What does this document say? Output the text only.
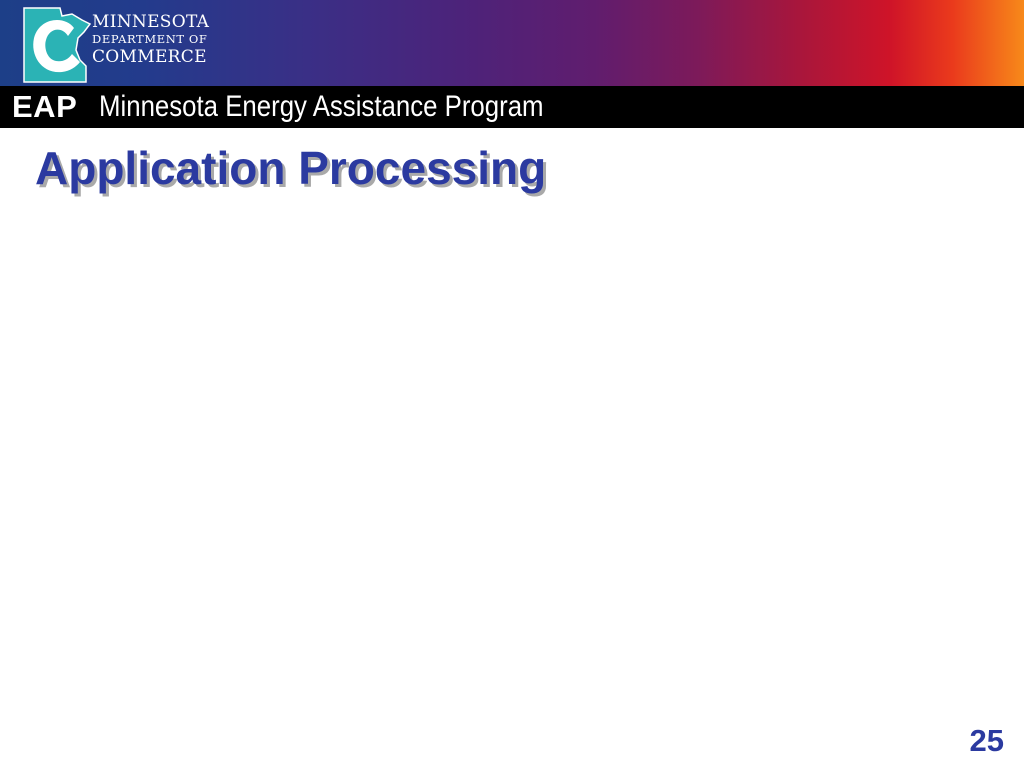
MINNESOTA
DEPARTMENT OF
COMMERCE
EAP Minnesota Energy Assistance Program
Application Processing
25
